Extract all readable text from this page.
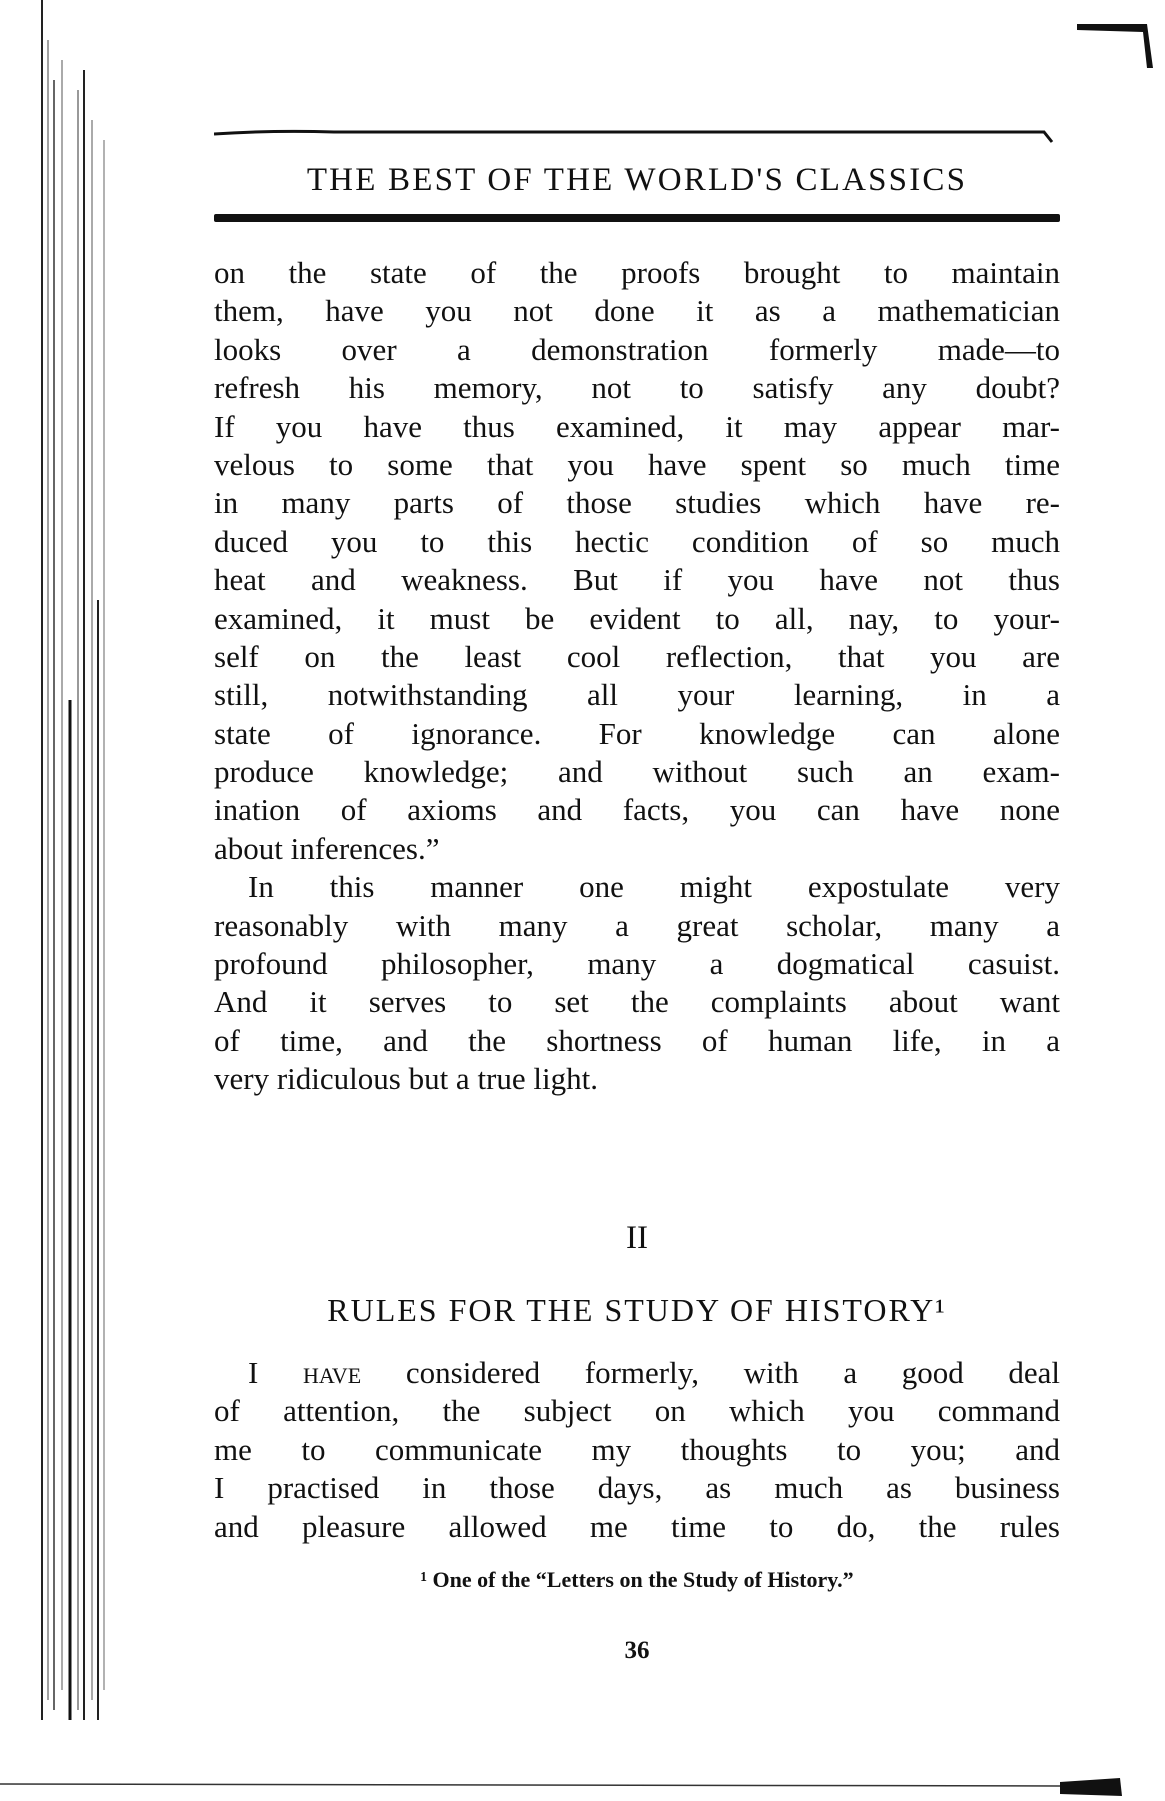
THE BEST OF THE WORLD'S CLASSICS
on the state of the proofs brought to maintain
them, have you not done it as a mathematician
looks over a demonstration formerly made—to
refresh his memory, not to satisfy any doubt?
If you have thus examined, it may appear mar-
velous to some that you have spent so much time
in many parts of those studies which have re-
duced you to this hectic condition of so much
heat and weakness. But if you have not thus
examined, it must be evident to all, nay, to your-
self on the least cool reflection, that you are
still, notwithstanding all your learning, in a
state of ignorance. For knowledge can alone
produce knowledge; and without such an exam-
ination of axioms and facts, you can have none
about inferences.”
In this manner one might expostulate very
reasonably with many a great scholar, many a
profound philosopher, many a dogmatical casuist.
And it serves to set the complaints about want
of time, and the shortness of human life, in a
very ridiculous but a true light.
II
RULES FOR THE STUDY OF HISTORY¹
I have considered formerly, with a good deal
of attention, the subject on which you command
me to communicate my thoughts to you; and
I practised in those days, as much as business
and pleasure allowed me time to do, the rules
¹ One of the “Letters on the Study of History.”
36
